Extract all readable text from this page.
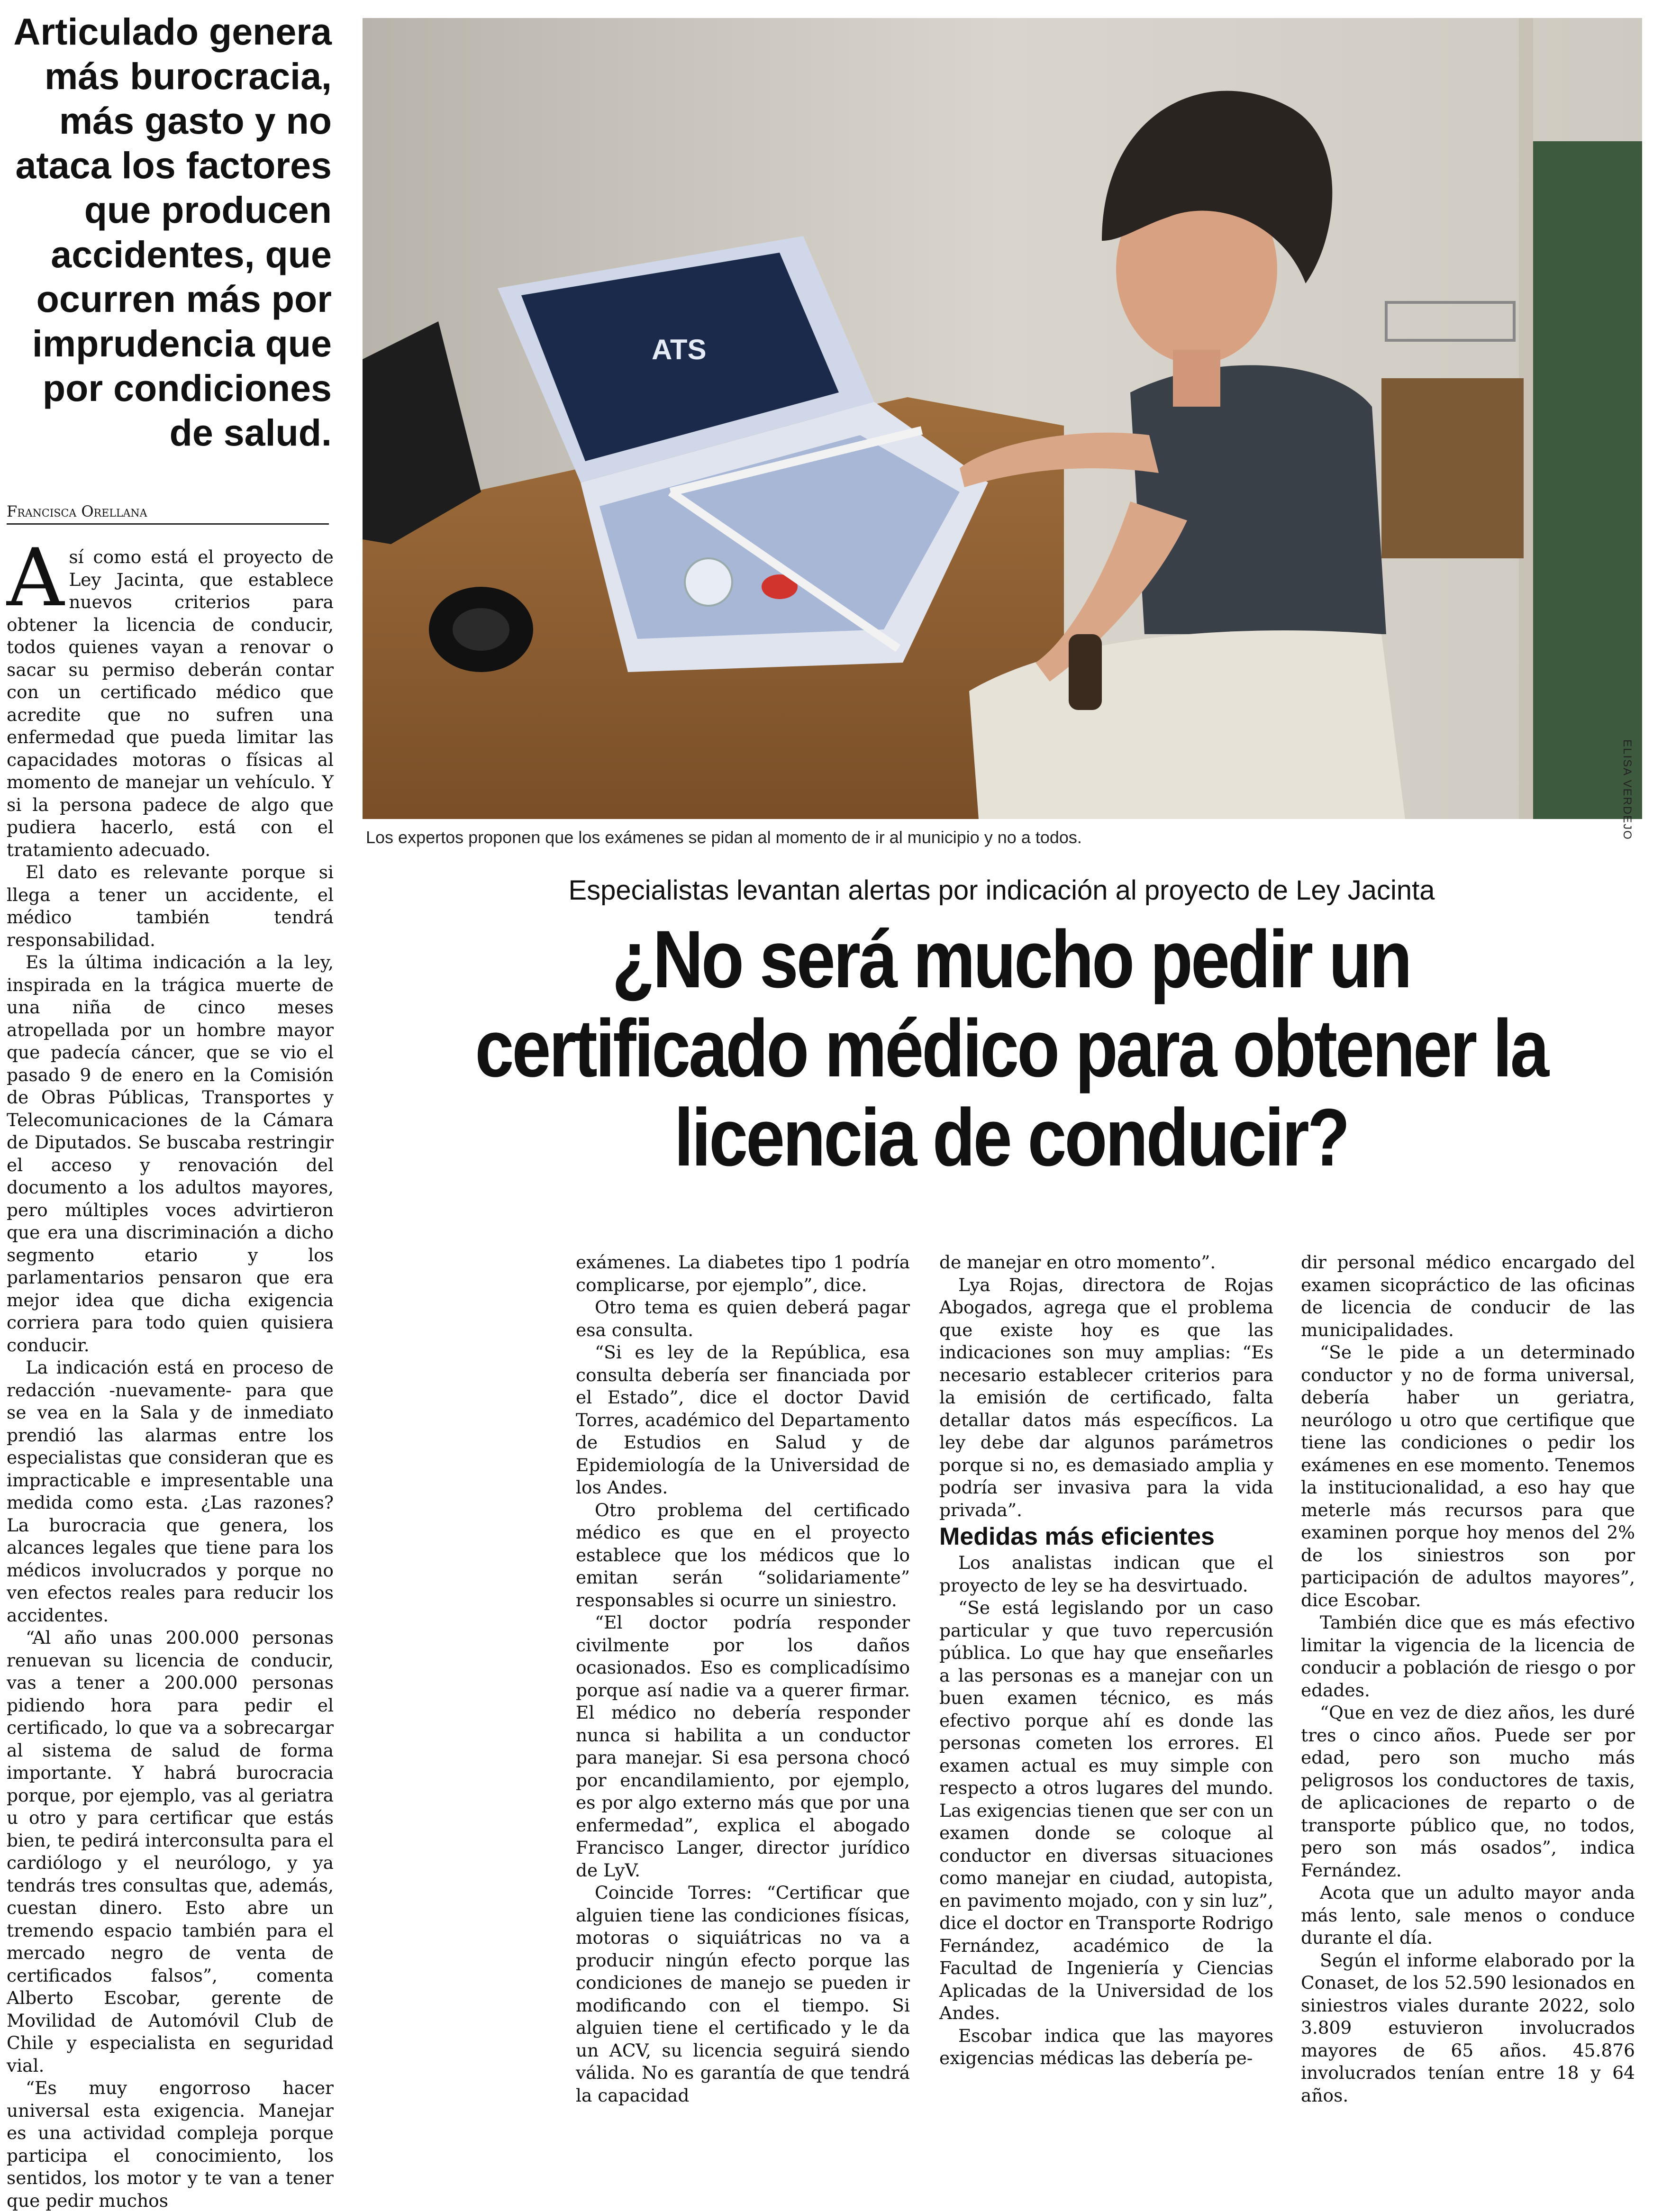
Articulado genera más burocracia, más gasto y no ataca los factores que producen accidentes, que ocurren más por imprudencia que por condiciones de salud.
Francisca Orellana
ATS
ELISA VERDEJO
Los expertos proponen que los exámenes se pidan al momento de ir al municipio y no a todos.
Especialistas levantan alertas por indicación al proyecto de Ley Jacinta
¿No será mucho pedir un certificado médico para obtener la licencia de conducir?

Así como está el proyecto de Ley Jacinta, que establece nuevos criterios para obtener la licencia de conducir, todos quienes vayan a renovar o sacar su permiso deberán contar con un certificado médico que acredite que no sufren una enfermedad que pueda limitar las capacidades motoras o físicas al momento de manejar un vehículo. Y si la persona padece de algo que pudiera hacerlo, está con el tratamiento adecuado.

El dato es relevante porque si llega a tener un accidente, el médico también tendrá responsabilidad.

Es la última indicación a la ley, inspirada en la trágica muerte de una niña de cinco meses atropellada por un hombre mayor que padecía cáncer, que se vio el pasado 9 de enero en la Comisión de Obras Públicas, Transportes y Telecomunicaciones de la Cámara de Diputados. Se buscaba restringir el acceso y renovación del documento a los adultos mayores, pero múltiples voces advirtieron que era una discriminación a dicho segmento etario y los parlamentarios pensaron que era mejor idea que dicha exigencia corriera para todo quien quisiera conducir.

La indicación está en proceso de redacción -nuevamente- para que se vea en la Sala y de inmediato prendió las alarmas entre los especialistas que consideran que es impracticable e impresentable una medida como esta. ¿Las razones? La burocracia que genera, los alcances legales que tiene para los médicos involucrados y porque no ven efectos reales para reducir los accidentes.

“Al año unas 200.000 personas renuevan su licencia de conducir, vas a tener a 200.000 personas pidiendo hora para pedir el certificado, lo que va a sobrecargar al sistema de salud de forma importante. Y habrá burocracia porque, por ejemplo, vas al geriatra u otro y para certificar que estás bien, te pedirá interconsulta para el cardiólogo y el neurólogo, y ya tendrás tres consultas que, además, cuestan dinero. Esto abre un tremendo espacio también para el mercado negro de venta de certificados falsos”, comenta Alberto Escobar, gerente de Movilidad de Automóvil Club de Chile y especialista en seguridad vial.

“Es muy engorroso hacer universal esta exigencia. Manejar es una actividad compleja porque participa el conocimiento, los sentidos, los motor y te van a tener que pedir muchos

exámenes. La diabetes tipo 1 podría complicarse, por ejemplo”, dice.

Otro tema es quien deberá pagar esa consulta.

“Si es ley de la República, esa consulta debería ser financiada por el Estado”, dice el doctor David Torres, académico del Departamento de Estudios en Salud y de Epidemiología de la Universidad de los Andes.

Otro problema del certificado médico es que en el proyecto establece que los médicos que lo emitan serán “solidariamente” responsables si ocurre un siniestro.

“El doctor podría responder civilmente por los daños ocasionados. Eso es complicadísimo porque así nadie va a querer firmar. El médico no debería responder nunca si habilita a un conductor para manejar. Si esa persona chocó por encandilamiento, por ejemplo, es por algo externo más que por una enfermedad”, explica el abogado Francisco Langer, director jurídico de LyV.

Coincide Torres: “Certificar que alguien tiene las condiciones físicas, motoras o siquiátricas no va a producir ningún efecto porque las condiciones de manejo se pueden ir modificando con el tiempo. Si alguien tiene el certificado y le da un ACV, su licencia seguirá siendo válida. No es garantía de que tendrá la capacidad

de manejar en otro momento”.

Lya Rojas, directora de Rojas Abogados, agrega que el problema que existe hoy es que las indicaciones son muy amplias: “Es necesario establecer criterios para la emisión de certificado, falta detallar datos más específicos. La ley debe dar algunos parámetros porque si no, es demasiado amplia y podría ser invasiva para la vida privada”.

Medidas más eficientes

Los analistas indican que el proyecto de ley se ha desvirtuado.

“Se está legislando por un caso particular y que tuvo repercusión pública. Lo que hay que enseñarles a las personas es a manejar con un buen examen técnico, es más efectivo porque ahí es donde las personas cometen los errores. El examen actual es muy simple con respecto a otros lugares del mundo. Las exigencias tienen que ser con un examen donde se coloque al conductor en diversas situaciones como manejar en ciudad, autopista, en pavimento mojado, con y sin luz”, dice el doctor en Transporte Rodrigo Fernández, académico de la Facultad de Ingeniería y Ciencias Aplicadas de la Universidad de los Andes.

Escobar indica que las mayores exigencias médicas las debería pe-

dir personal médico encargado del examen sicopráctico de las oficinas de licencia de conducir de las municipalidades.

“Se le pide a un determinado conductor y no de forma universal, debería haber un geriatra, neurólogo u otro que certifique que tiene las condiciones o pedir los exámenes en ese momento. Tenemos la institucionalidad, a eso hay que meterle más recursos para que examinen porque hoy menos del 2% de los siniestros son por participación de adultos mayores”, dice Escobar.

También dice que es más efectivo limitar la vigencia de la licencia de conducir a población de riesgo o por edades.

“Que en vez de diez años, les duré tres o cinco años. Puede ser por edad, pero son mucho más peligrosos los conductores de taxis, de aplicaciones de reparto o de transporte público que, no todos, pero son más osados”, indica Fernández.

Acota que un adulto mayor anda más lento, sale menos o conduce durante el día.

Según el informe elaborado por la Conaset, de los 52.590 lesionados en siniestros viales durante 2022, solo 3.809 estuvieron involucrados mayores de 65 años. 45.876 involucrados tenían entre 18 y 64 años.
